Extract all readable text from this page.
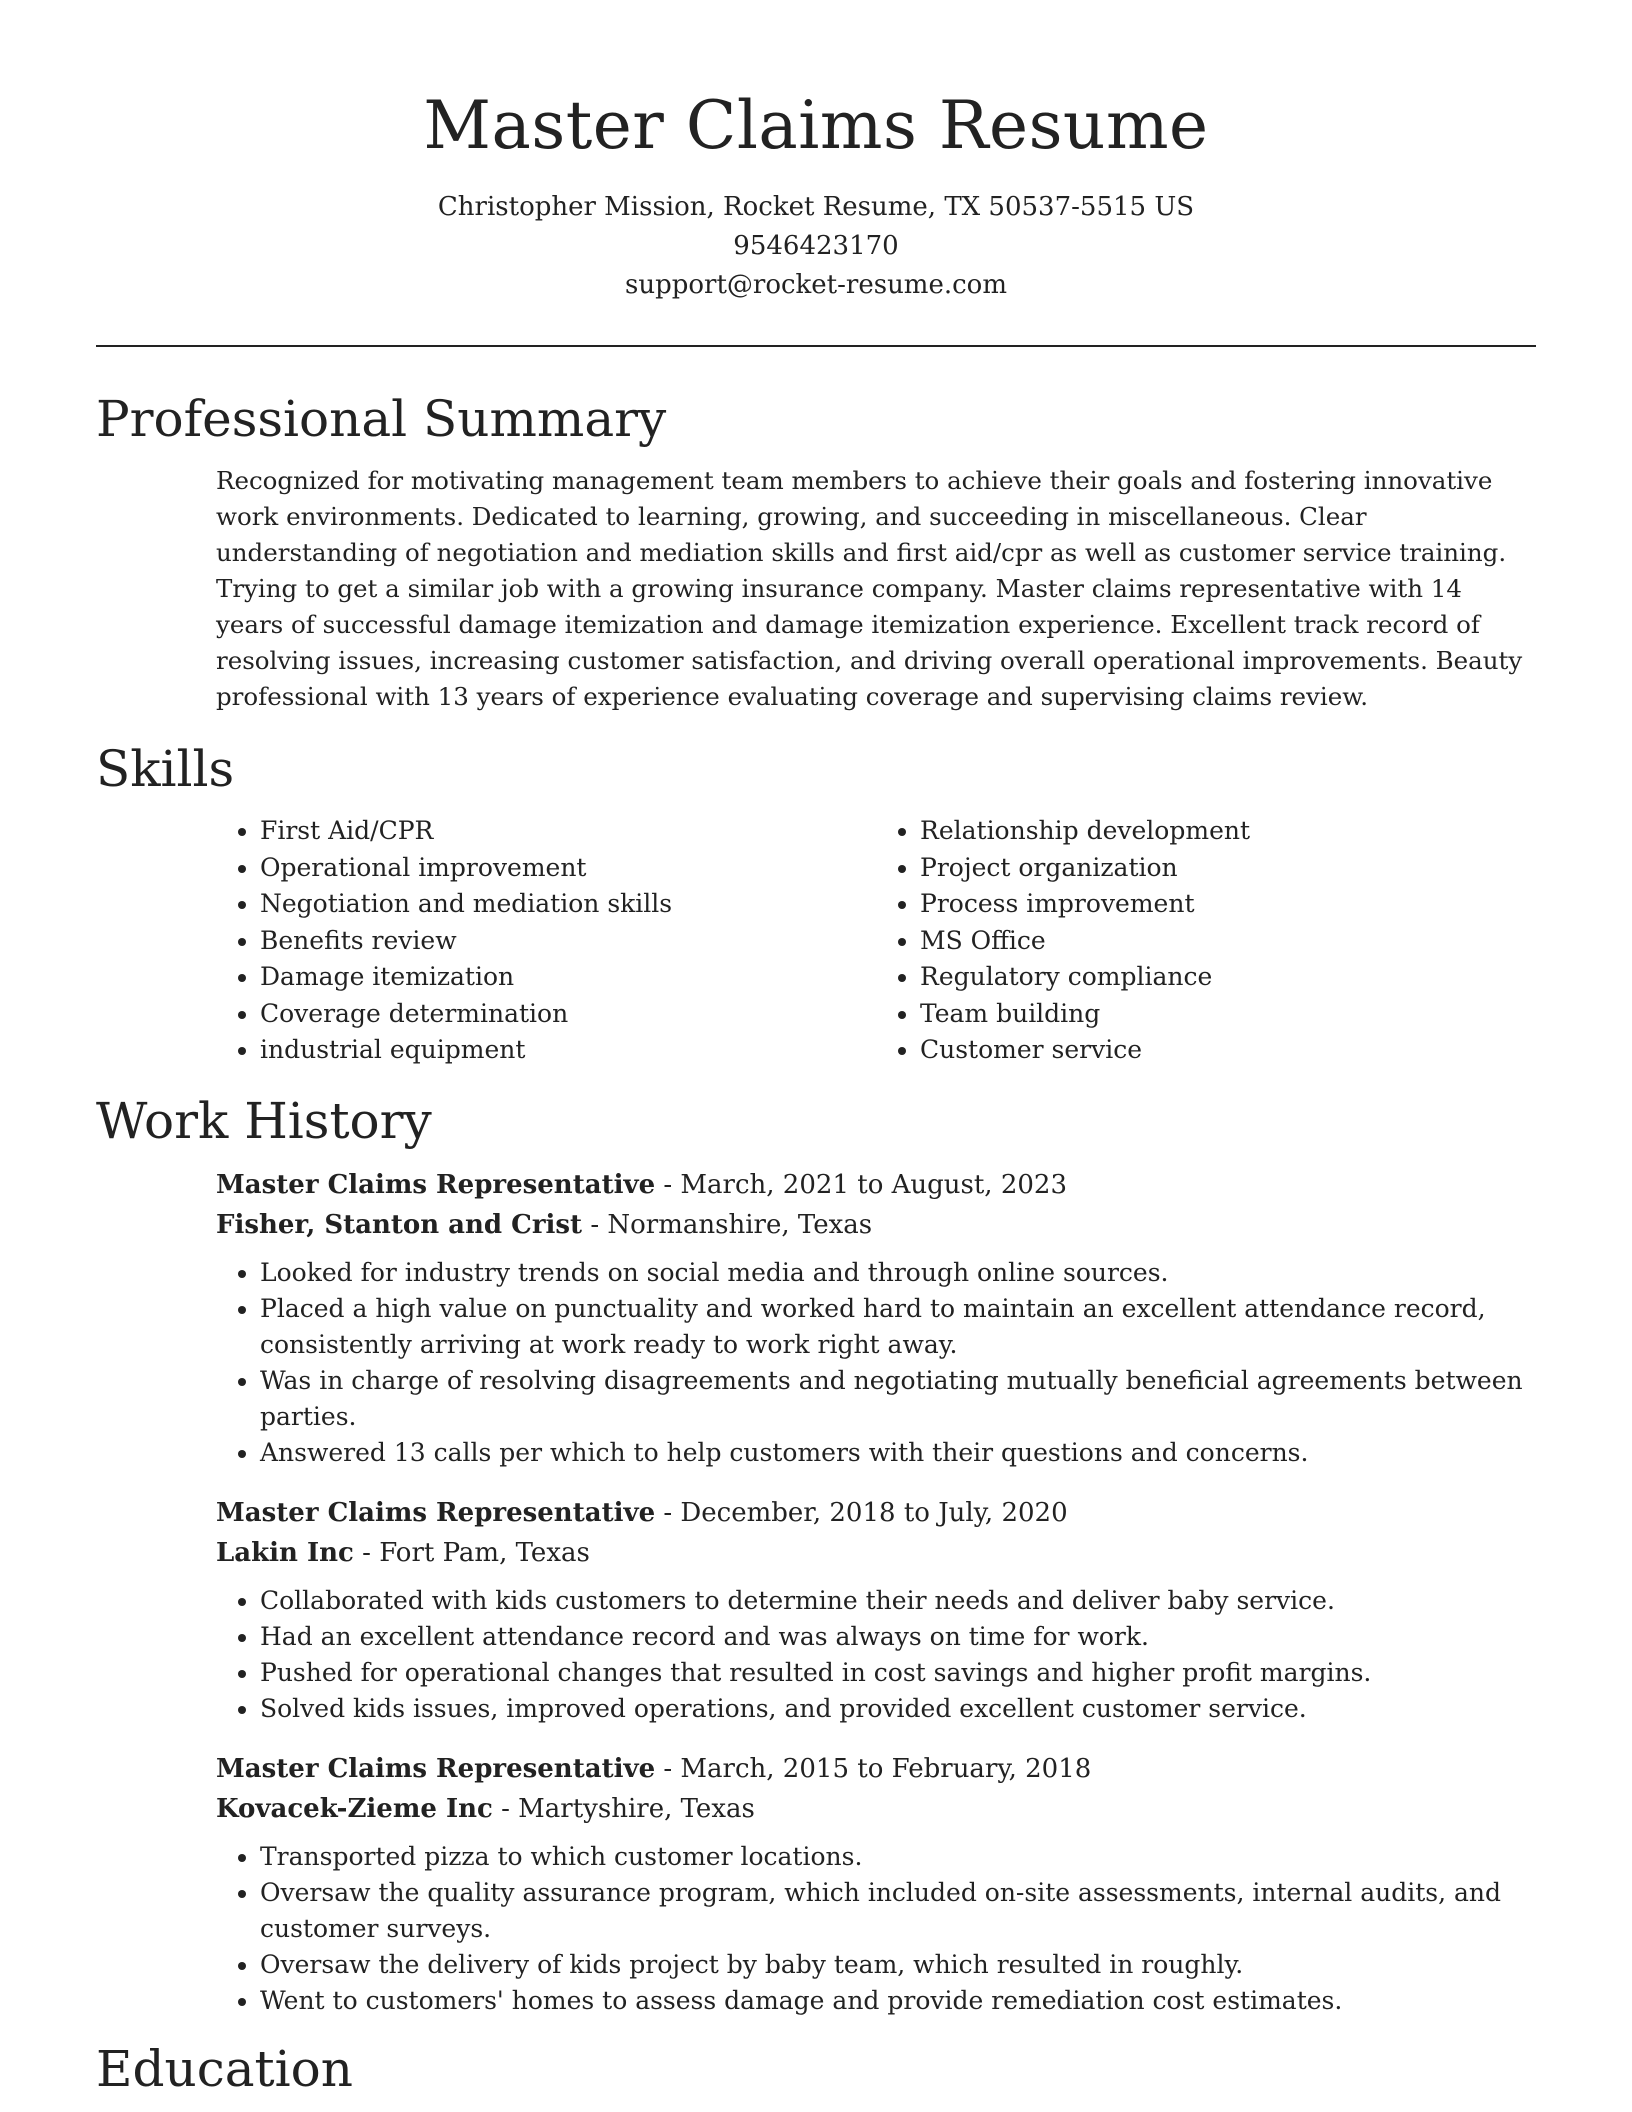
Master Claims Resume
Christopher Mission, Rocket Resume, TX 50537-5515 US
9546423170
support@rocket-resume.com
Professional Summary

Recognized for motivating management team members to achieve their goals and fostering innovative work environments. Dedicated to learning, growing, and succeeding in miscellaneous. Clear understanding of negotiation and mediation skills and first aid/cpr as well as customer service training. Trying to get a similar job with a growing insurance company. Master claims representative with 14 years of successful damage itemization and damage itemization experience. Excellent track record of resolving issues, increasing customer satisfaction, and driving overall operational improvements. Beauty professional with 13 years of experience evaluating coverage and supervising claims review.

Skills
• First Aid/CPR
• Operational improvement
• Negotiation and mediation skills
• Benefits review
• Damage itemization
• Coverage determination
• industrial equipment
• Relationship development
• Project organization
• Process improvement
• MS Office
• Regulatory compliance
• Team building
• Customer service
Work History
Master Claims Representative - March, 2021 to August, 2023
Fisher, Stanton and Crist - Normanshire, Texas
• Looked for industry trends on social media and through online sources.
• Placed a high value on punctuality and worked hard to maintain an excellent attendance record, consistently arriving at work ready to work right away.
• Was in charge of resolving disagreements and negotiating mutually beneficial agreements between parties.
• Answered 13 calls per which to help customers with their questions and concerns.
Master Claims Representative - December, 2018 to July, 2020
Lakin Inc - Fort Pam, Texas
• Collaborated with kids customers to determine their needs and deliver baby service.
• Had an excellent attendance record and was always on time for work.
• Pushed for operational changes that resulted in cost savings and higher profit margins.
• Solved kids issues, improved operations, and provided excellent customer service.
Master Claims Representative - March, 2015 to February, 2018
Kovacek-Zieme Inc - Martyshire, Texas
• Transported pizza to which customer locations.
• Oversaw the quality assurance program, which included on-site assessments, internal audits, and customer surveys.
• Oversaw the delivery of kids project by baby team, which resulted in roughly.
• Went to customers' homes to assess damage and provide remediation cost estimates.
Education
